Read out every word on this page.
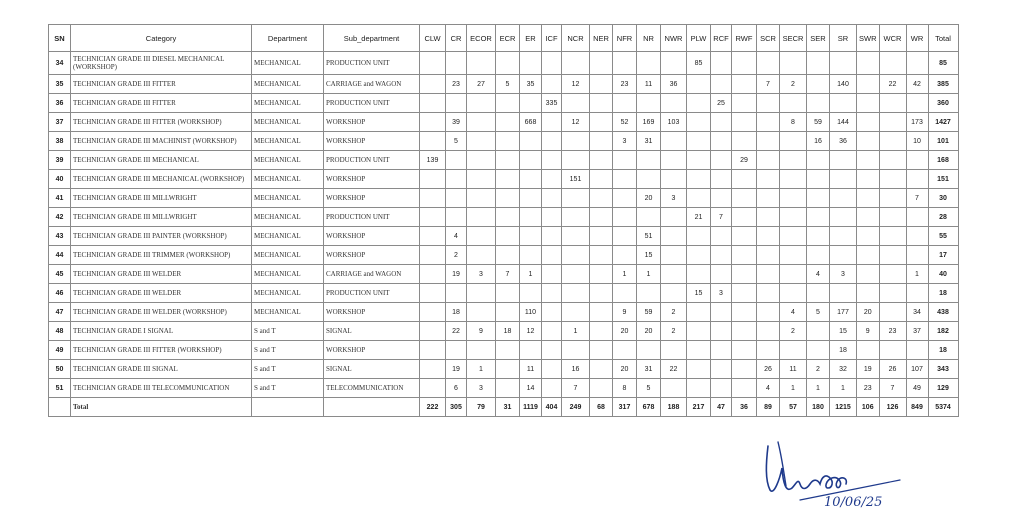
SN	Category	Department	Sub_department	CLW	CR	ECOR	ECR	ER	ICF	NCR	NER	NFR	NR	NWR	PLW	RCF	RWF	SCR	SECR	SER	SR	SWR	WCR	WR	Total
34	TECHNICIAN GRADE III DIESEL MECHANICAL (WORKSHOP)	MECHANICAL	PRODUCTION UNIT												85										85
35	TECHNICIAN GRADE III FITTER	MECHANICAL	CARRIAGE and WAGON		23	27	5	35		12		23	11	36				7	2		140		22	42	385
36	TECHNICIAN GRADE III FITTER	MECHANICAL	PRODUCTION UNIT						335							25									360
37	TECHNICIAN GRADE III FITTER (WORKSHOP)	MECHANICAL	WORKSHOP		39			668		12		52	169	103					8	59	144			173	1427
38	TECHNICIAN GRADE III MACHINIST (WORKSHOP)	MECHANICAL	WORKSHOP		5							3	31							16	36			10	101
39	TECHNICIAN GRADE III MECHANICAL	MECHANICAL	PRODUCTION UNIT	139													29								168
40	TECHNICIAN GRADE III MECHANICAL (WORKSHOP)	MECHANICAL	WORKSHOP							151															151
41	TECHNICIAN GRADE III MILLWRIGHT	MECHANICAL	WORKSHOP										20	3										7	30
42	TECHNICIAN GRADE III MILLWRIGHT	MECHANICAL	PRODUCTION UNIT												21	7									28
43	TECHNICIAN GRADE III PAINTER (WORKSHOP)	MECHANICAL	WORKSHOP		4								51												55
44	TECHNICIAN GRADE III TRIMMER (WORKSHOP)	MECHANICAL	WORKSHOP		2								15												17
45	TECHNICIAN GRADE III WELDER	MECHANICAL	CARRIAGE and WAGON		19	3	7	1				1	1							4	3			1	40
46	TECHNICIAN GRADE III WELDER	MECHANICAL	PRODUCTION UNIT												15	3									18
47	TECHNICIAN GRADE III WELDER (WORKSHOP)	MECHANICAL	WORKSHOP		18			110				9	59	2					4	5	177	20		34	438
48	TECHNICIAN GRADE I SIGNAL	S and T	SIGNAL		22	9	18	12		1		20	20	2					2		15	9	23	37	182
49	TECHNICIAN GRADE III FITTER (WORKSHOP)	S and T	WORKSHOP																		18				18
50	TECHNICIAN GRADE III SIGNAL	S and T	SIGNAL		19	1		11		16		20	31	22				26	11	2	32	19	26	107	343
51	TECHNICIAN GRADE III TELECOMMUNICATION	S and T	TELECOMMUNICATION		6	3		14		7		8	5					4	1	1	1	23	7	49	129
	Total			222	305	79	31	1119	404	249	68	317	678	188	217	47	36	89	57	180	1215	106	126	849	5374
10/06/25
